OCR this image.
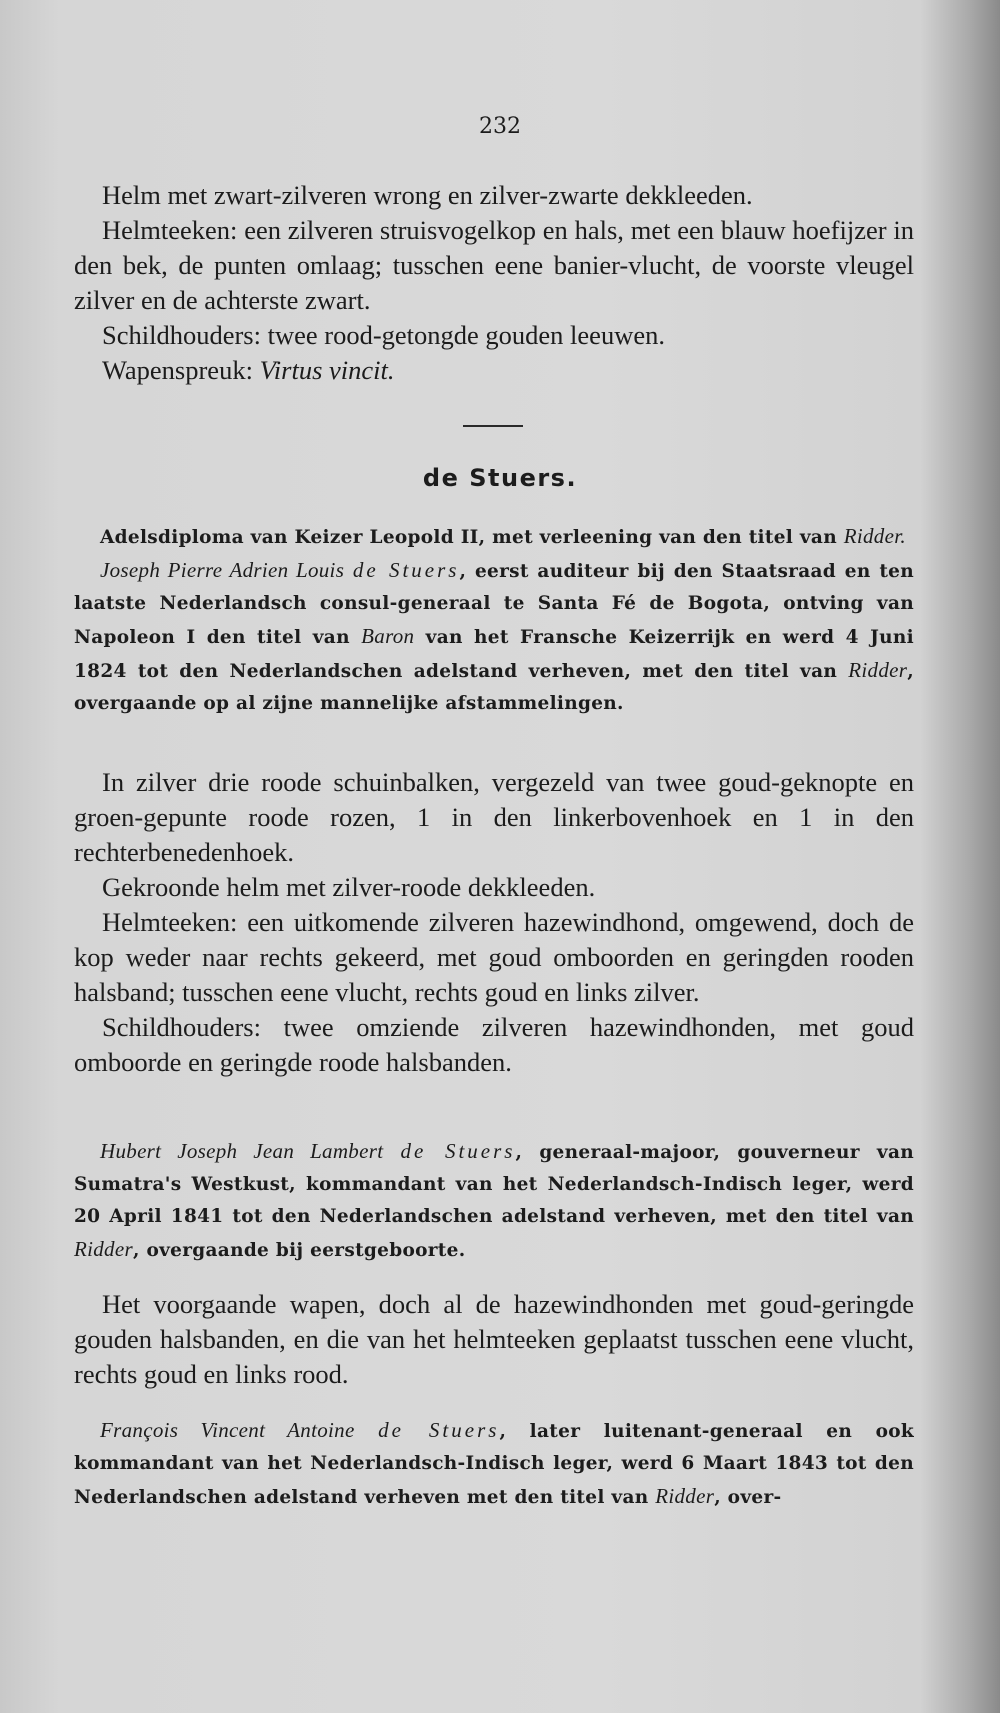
232

Helm met zwart-zilveren wrong en zilver-zwarte dekkleeden.

Helmteeken: een zilveren struisvogelkop en hals, met een blauw hoefijzer in den bek, de punten omlaag; tusschen eene banier-vlucht, de voorste vleugel zilver en de achterste zwart.

Schildhouders: twee rood-getongde gouden leeuwen.

Wapenspreuk: Virtus vincit.

de Stuers.

Adelsdiploma van Keizer Leopold II, met verleening van den titel van Ridder.

Joseph Pierre Adrien Louis de Stuers, eerst auditeur bij den Staatsraad en ten laatste Nederlandsch consul-generaal te Santa Fé de Bogota, ontving van Napoleon I den titel van Baron van het Fransche Keizerrijk en werd 4 Juni 1824 tot den Nederlandschen adelstand verheven, met den titel van Ridder, overgaande op al zijne mannelijke afstammelingen.

In zilver drie roode schuinbalken, vergezeld van twee goud-geknopte en groen-gepunte roode rozen, 1 in den linkerbovenhoek en 1 in den rechterbenedenhoek.

Gekroonde helm met zilver-roode dekkleeden.

Helmteeken: een uitkomende zilveren hazewindhond, omgewend, doch de kop weder naar rechts gekeerd, met goud omboorden en geringden rooden halsband; tusschen eene vlucht, rechts goud en links zilver.

Schildhouders: twee omziende zilveren hazewindhonden, met goud omboorde en geringde roode halsbanden.

Hubert Joseph Jean Lambert de Stuers, generaal-majoor, gouverneur van Sumatra's Westkust, kommandant van het Nederlandsch-Indisch leger, werd 20 April 1841 tot den Nederlandschen adelstand verheven, met den titel van Ridder, overgaande bij eerstgeboorte.

Het voorgaande wapen, doch al de hazewindhonden met goud-geringde gouden halsbanden, en die van het helmteeken geplaatst tusschen eene vlucht, rechts goud en links rood.

François Vincent Antoine de Stuers, later luitenant-generaal en ook kommandant van het Nederlandsch-Indisch leger, werd 6 Maart 1843 tot den Nederlandschen adelstand verheven met den titel van Ridder, over-
